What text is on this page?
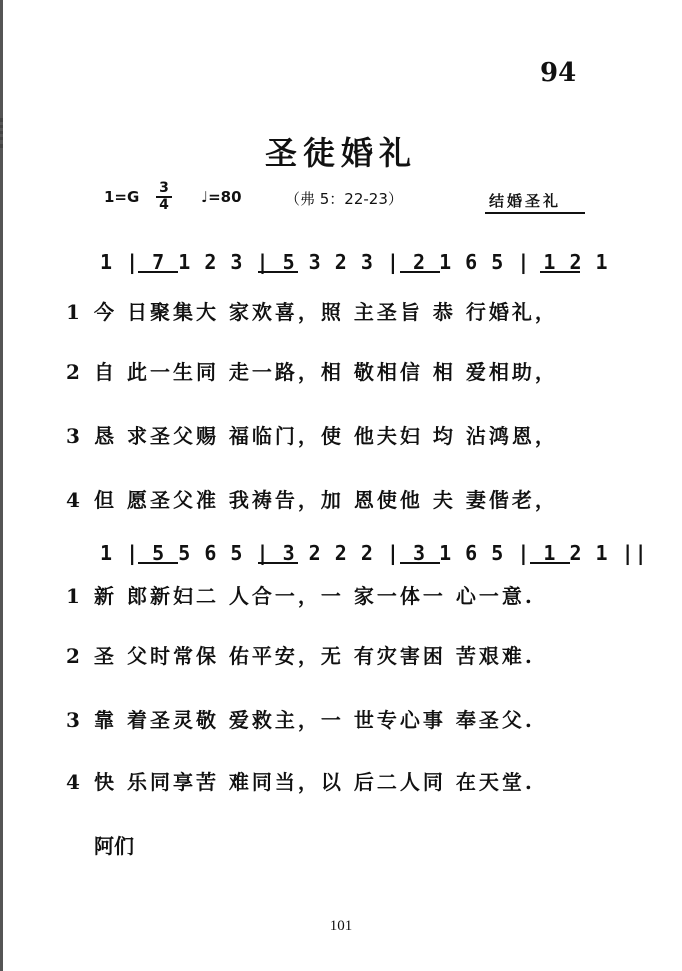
94
圣徒婚礼
1=G 3
4 ♩=80	（弗 5：22-23）	结婚圣礼
1 | 7 1 2 3 | 5 3 2 3 | 2 1 6 5 | 1 2 1
1 今 日聚集大 家欢喜，照 主圣旨 恭 行婚礼，
2 自 此一生同 走一路，相 敬相信 相 爱相助，
3 恳 求圣父赐 福临门，使 他夫妇 均 沾鸿恩，
4 但 愿圣父准 我祷告，加 恩使他 夫 妻偕老，
1 | 5 5 6 5 | 3 2 2 2 | 3 1 6 5 | 1 2 1 ||
1 新 郎新妇二 人合一，一 家一体一 心一意.
2 圣 父时常保 佑平安，无 有灾害困 苦艰难.
3 靠 着圣灵敬 爱救主，一 世专心事 奉圣父.
4 快 乐同享苦 难同当，以 后二人同 在天堂.
阿们
101
